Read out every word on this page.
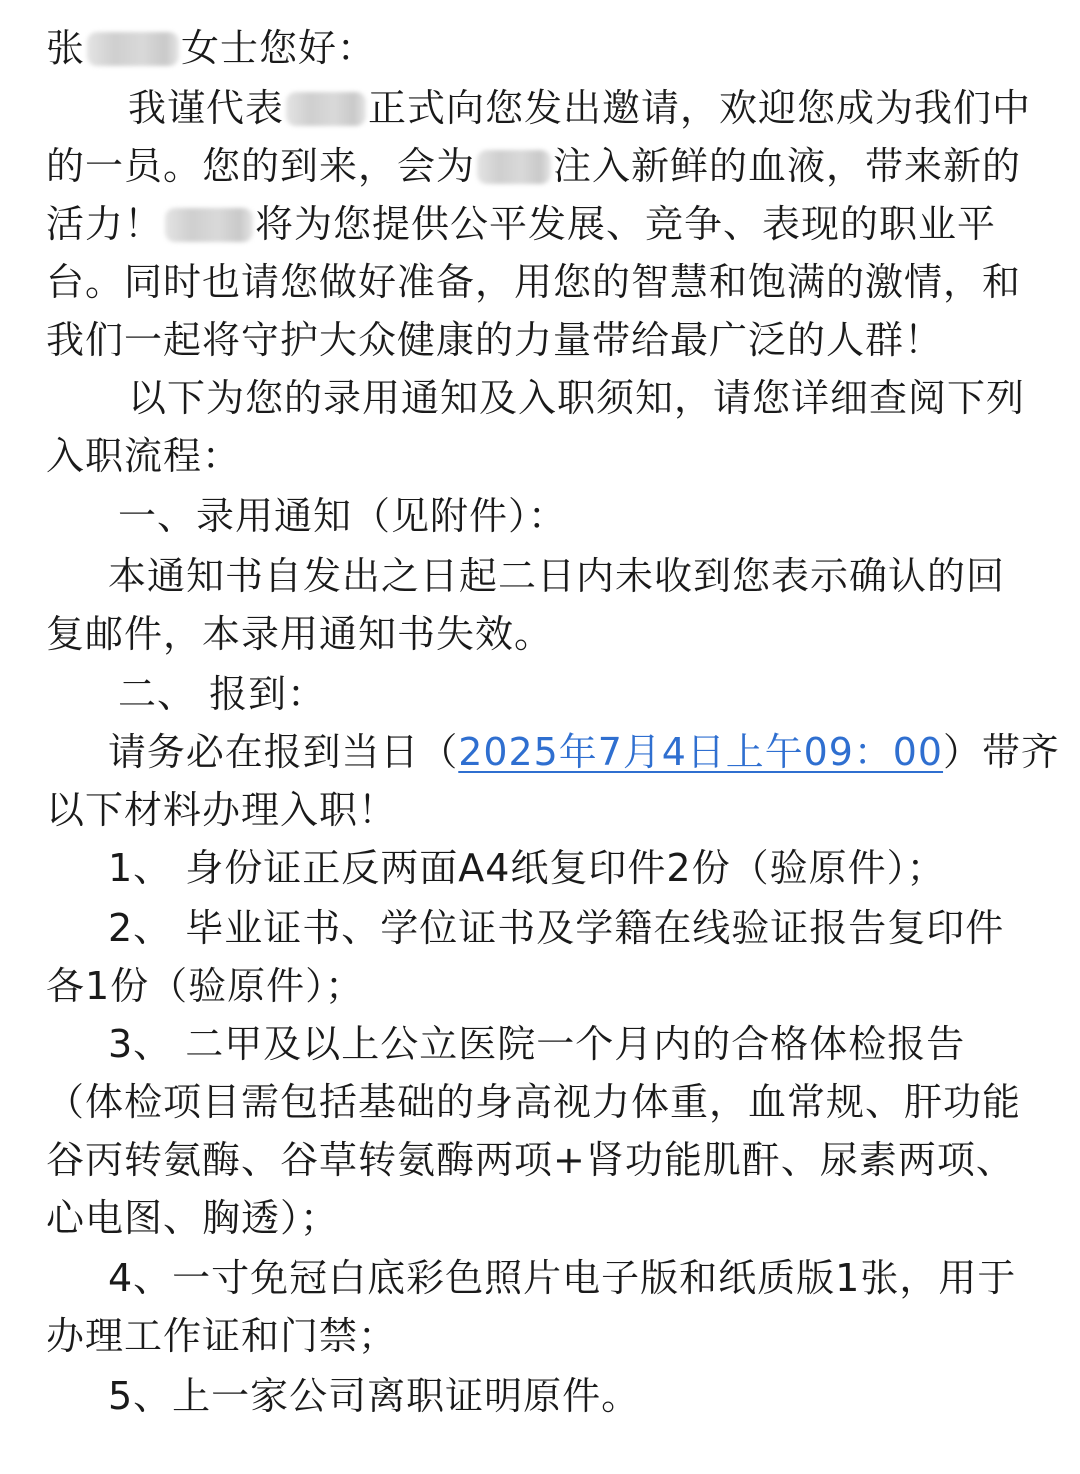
张	女士您好：
我谨代表 正式向您发出邀请，欢迎您成为我们中
的一员。您的到来，会为 注入新鲜的血液，带来新的
活力！ 将为您提供公平发展、竞争、表现的职业平
台。同时也请您做好准备，用您的智慧和饱满的激情，和
我们一起将守护大众健康的力量带给最广泛的人群！
以下为您的录用通知及入职须知，请您详细查阅下列
入职流程：
一、录用通知（见附件）：
本通知书自发出之日起二日内未收到您表示确认的回
复邮件，本录用通知书失效。
二、 报到：
请务必在报到当日（2025年7月4日上午09：00）带齐
以下材料办理入职！
1、 身份证正反两面A4纸复印件2份（验原件）；
2、 毕业证书、学位证书及学籍在线验证报告复印件
各1份（验原件）；
3、 二甲及以上公立医院一个月内的合格体检报告
（体检项目需包括基础的身高视力体重，血常规、肝功能
谷丙转氨酶、谷草转氨酶两项+肾功能肌酐、尿素两项、
心电图、胸透）；
4、一寸免冠白底彩色照片电子版和纸质版1张，用于
办理工作证和门禁；
5、上一家公司离职证明原件。
